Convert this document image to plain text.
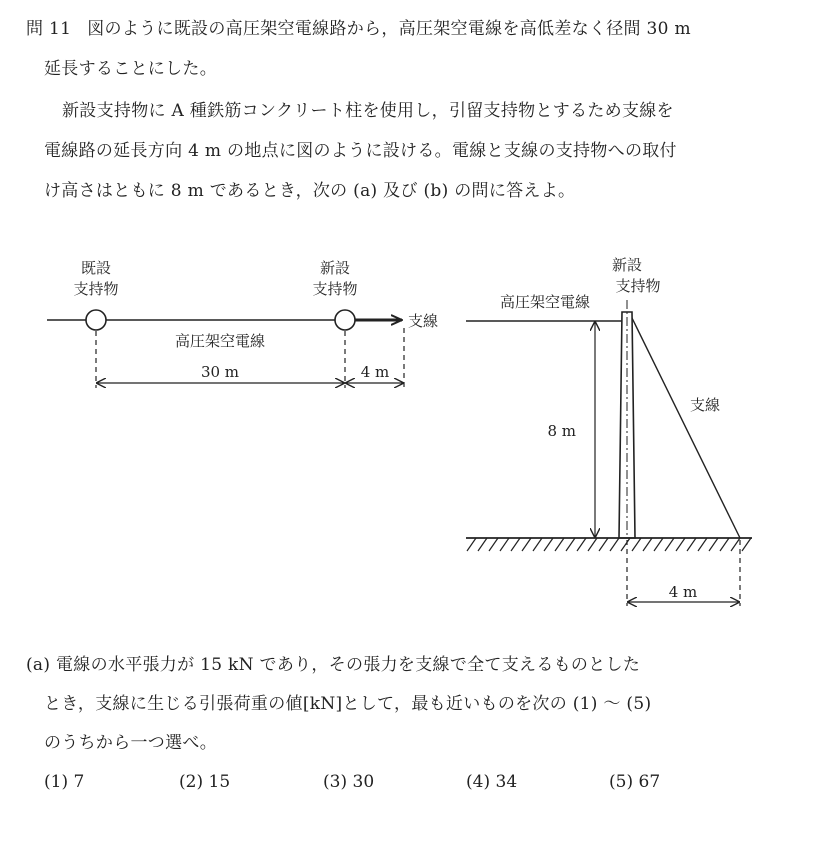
問 11 図のように既設の高圧架空電線路から，高圧架空電線を高低差なく径間 30 m
延長することにした。
新設支持物に A 種鉄筋コンクリート柱を使用し，引留支持物とするため支線を
電線路の延長方向 4 m の地点に図のように設ける。電線と支線の支持物への取付
け高さはともに 8 m であるとき，次の (a) 及び (b) の問に答えよ。
既設
支持物
新設
支持物
支線
高圧架空電線
30 m	4 m
新設
支持物
高圧架空電線
支線
8 m
4 m
(a) 電線の水平張力が 15 kN であり，その張力を支線で全て支えるものとした
とき，支線に生じる引張荷重の値[kN]として，最も近いものを次の (1) ～ (5)
のうちから一つ選べ。
(1) 7	(2) 15	(3) 30	(4) 34	(5) 67
